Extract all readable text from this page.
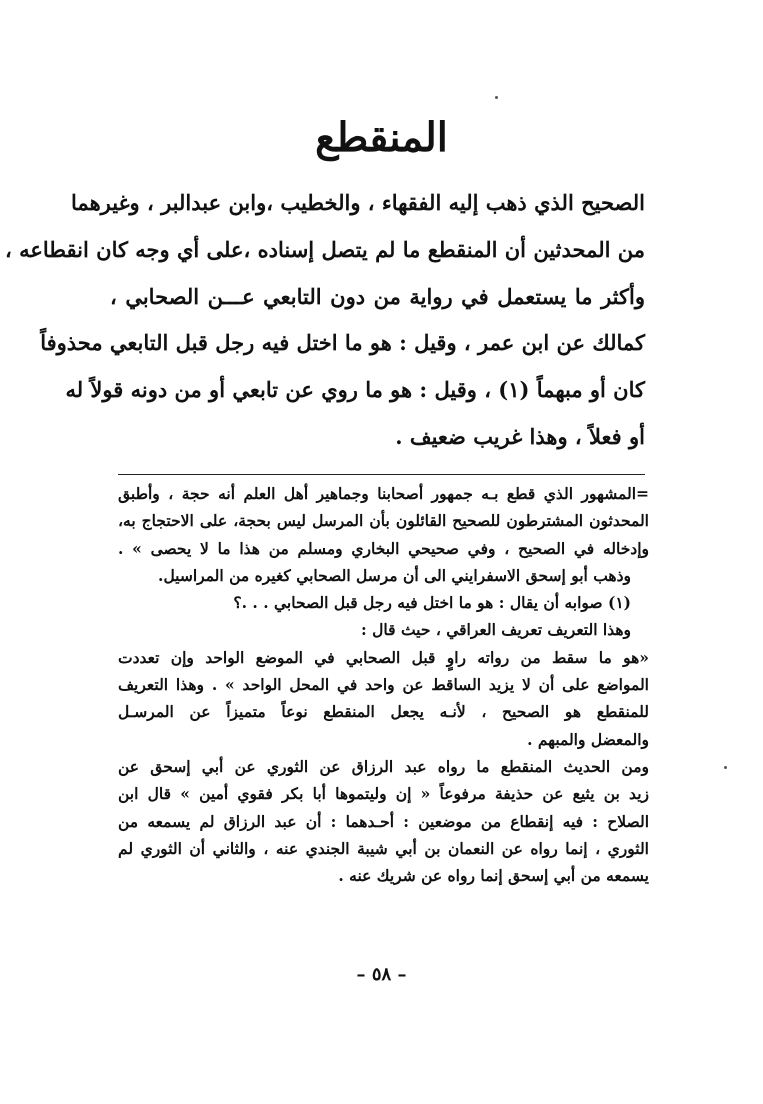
المنقطع
الصحيح الذي ذهب إليه الفقهاء ، والخطيب ،وابن عبدالبر ، وغيرهما
من المحدثين أن المنقطع ما لم يتصل إسناده ،على أي وجه كان انقطاعه ،
وأكثر ما يستعمل في رواية من دون التابعي عـــن الصحابي ،
كمالك عن ابن عمر ، وقيل : هو ما اختل فيه رجل قبل التابعي محذوفاً
كان أو مبهماً (١) ، وقيل : هو ما روي عن تابعي أو من دونه قولاً له
أو فعلاً ، وهذا غريب ضعيف .
=المشهور الذي قطع بـه جمهور أصحابنا وجماهير أهل العلم أنه حجة ، وأطبق
المحدثون المشترطون للصحيح القائلون بأن المرسل ليس بحجة، على الاحتجاج به،
وإدخاله في الصحيح ، وفي صحيحي البخاري ومسلم من هذا ما لا يحصى » .
وذهب أبو إسحق الاسفرايني الى أن مرسل الصحابي كغيره من المراسيل.
(١) صوابه أن يقال : هو ما اختل فيه رجل قبل الصحابي . . .؟
وهذا التعريف تعريف العراقي ، حيث قال :
«هو ما سقط من رواته راوٍ قبل الصحابي في الموضع الواحد وإن تعددت
المواضع على أن لا يزيد الساقط عن واحد في المحل الواحد » . وهذا التعريف
للمنقطع هو الصحيح ، لأنـه يجعل المنقطع نوعاً متميزاً عن المرسـل
والمعضل والمبهم .
ومن الحديث المنقطع ما رواه عبد الرزاق عن الثوري عن أبي إسحق عن
زيد بن يثيع عن حذيفة مرفوعاً « إن وليتموها أبا بكر فقوي أمين » قال ابن
الصلاح : فيه إنقطاع من موضعين : أحـدهما : أن عبد الرزاق لم يسمعه من
الثوري ، إنما رواه عن النعمان بن أبي شيبة الجندي عنه ، والثاني أن الثوري لم
يسمعه من أبي إسحق إنما رواه عن شريك عنه .
– ٥٨ –
